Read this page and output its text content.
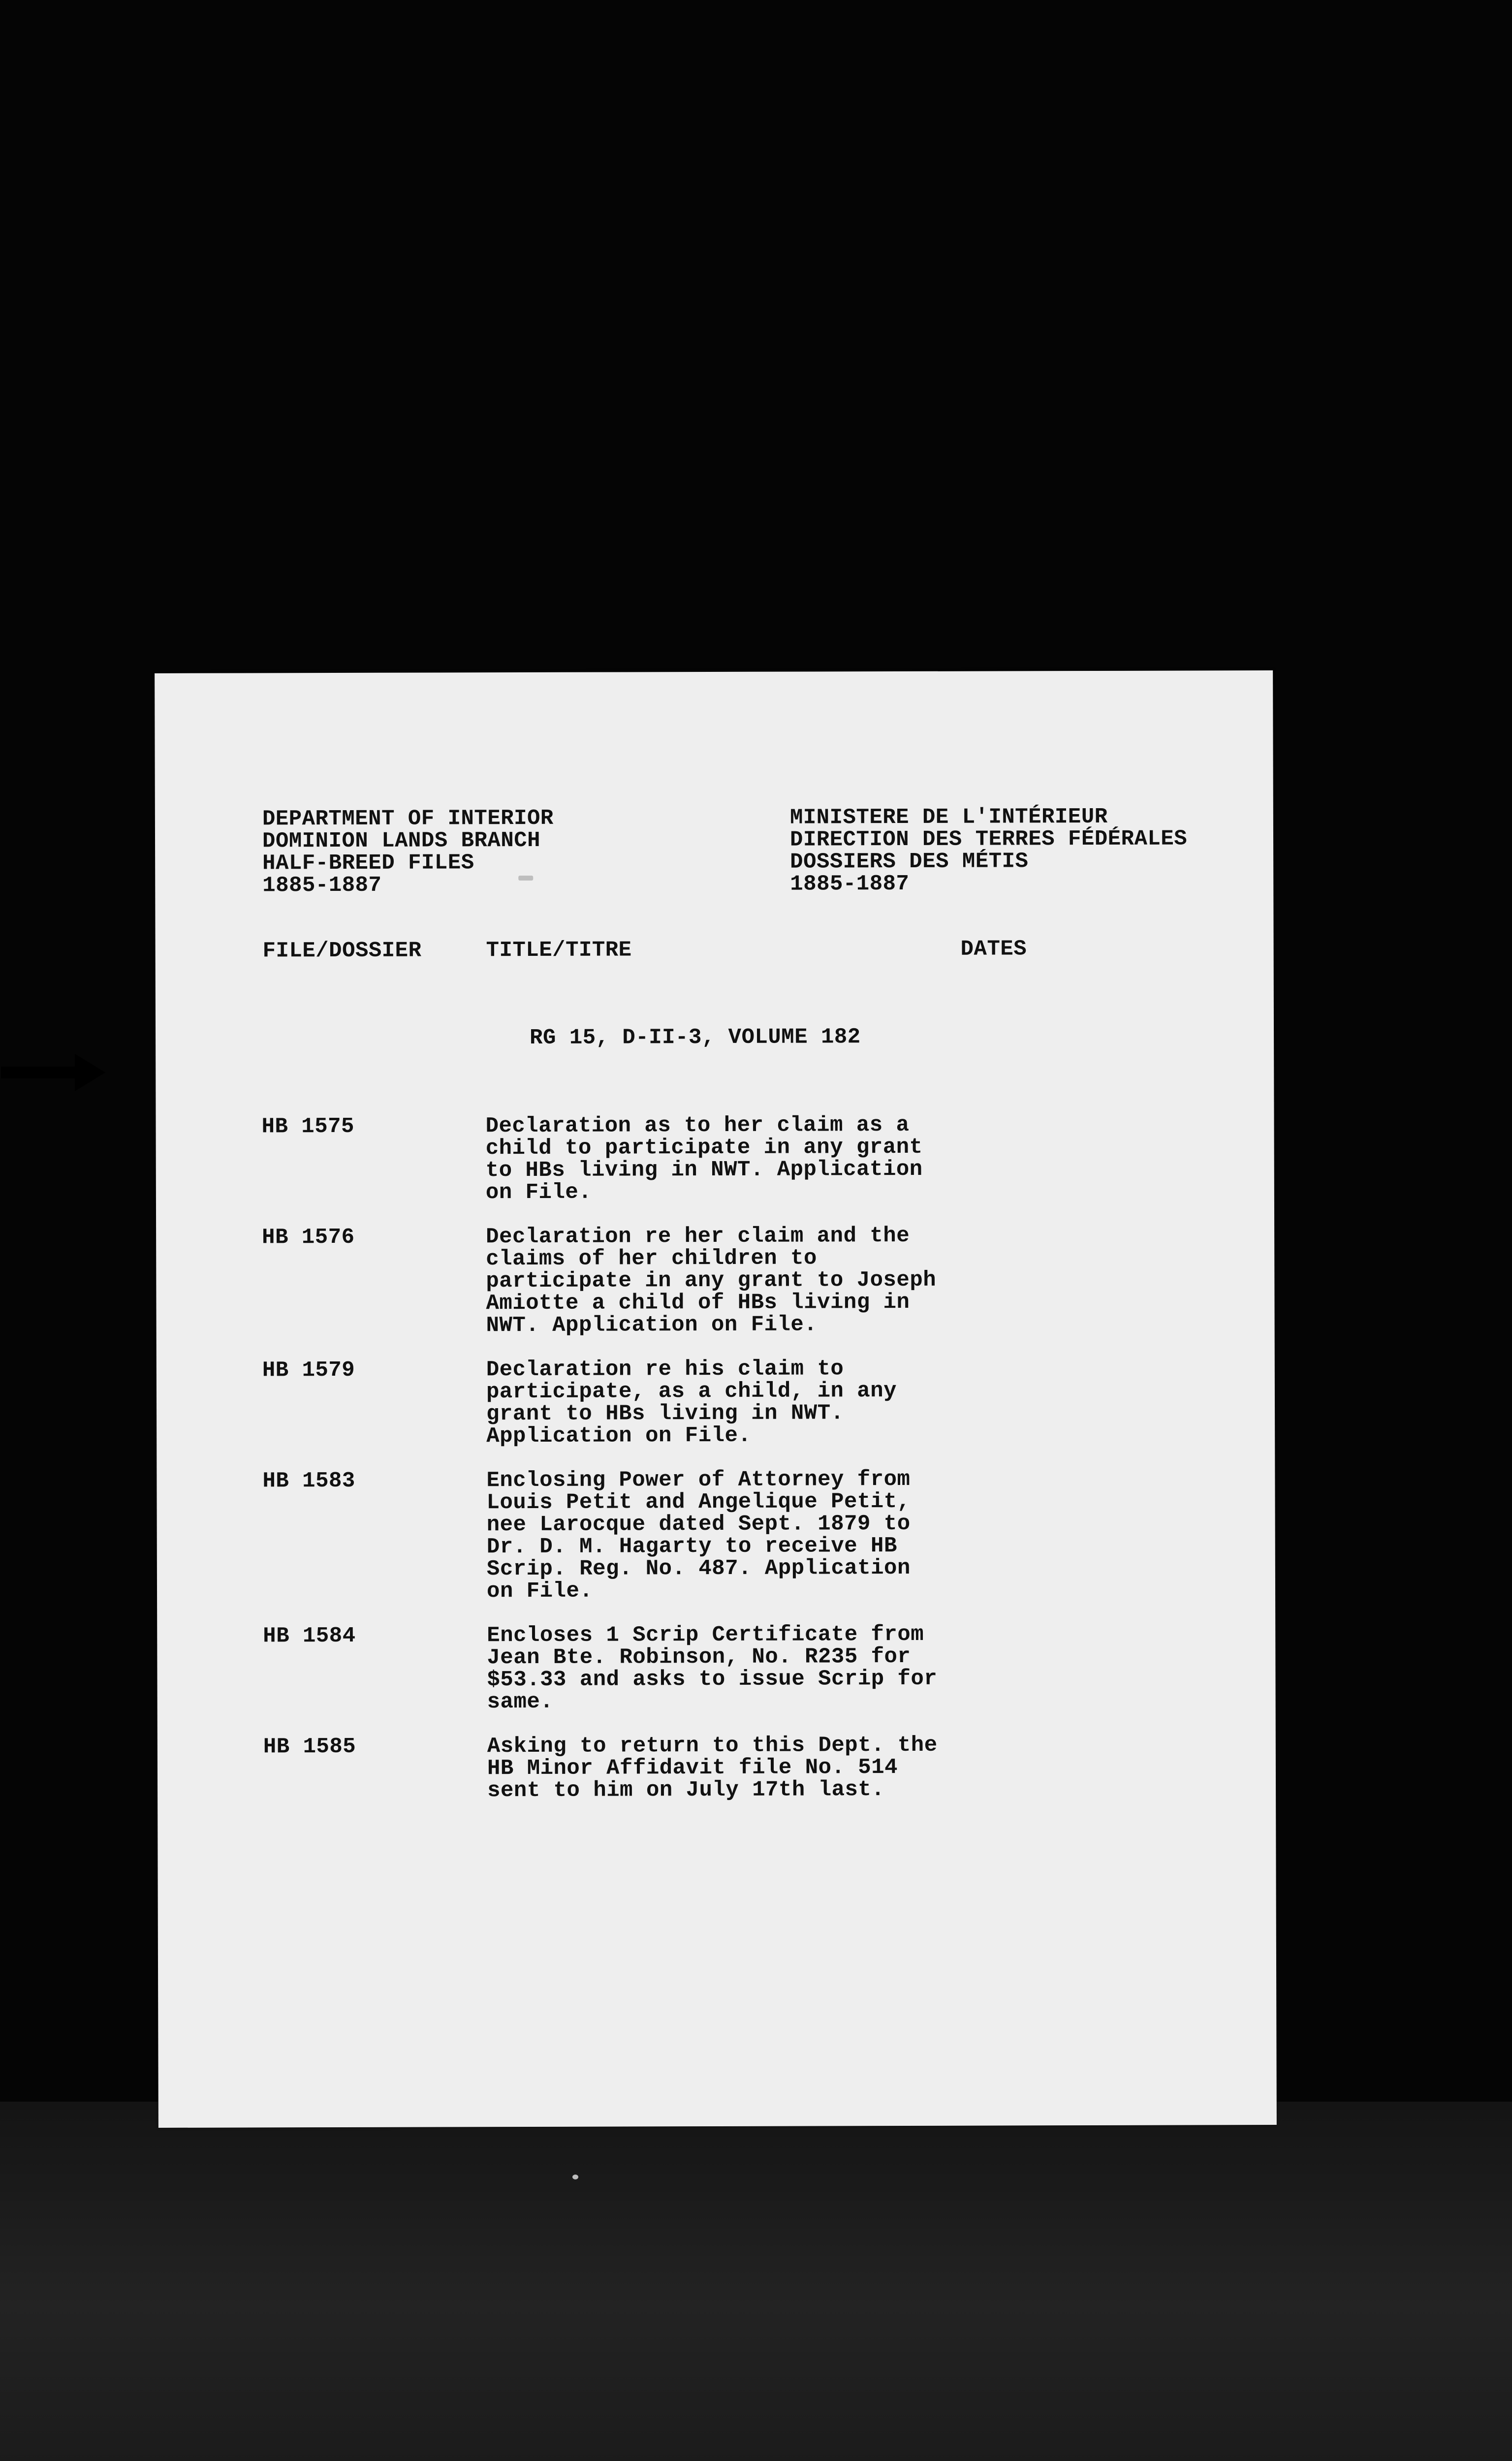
DEPARTMENT OF INTERIOR
DOMINION LANDS BRANCH
HALF-BREED FILES
1885-1887

MINISTERE DE L'INTÉRIEUR
DIRECTION DES TERRES FÉDÉRALES
DOSSIERS DES MÉTIS
1885-1887

FILE/DOSSIER	TITLE/TITRE	DATES

RG 15, D-II-3, VOLUME 182

HB 1575	Declaration as to her claim as a
child to participate in any grant
to HBs living in NWT. Application
on File.

HB 1576	Declaration re her claim and the
claims of her children to
participate in any grant to Joseph
Amiotte a child of HBs living in
NWT. Application on File.

HB 1579	Declaration re his claim to
participate, as a child, in any
grant to HBs living in NWT.
Application on File.

HB 1583	Enclosing Power of Attorney from
Louis Petit and Angelique Petit,
nee Larocque dated Sept. 1879 to
Dr. D. M. Hagarty to receive HB
Scrip. Reg. No. 487. Application
on File.

HB 1584	Encloses 1 Scrip Certificate from
Jean Bte. Robinson, No. R235 for
$53.33 and asks to issue Scrip for
same.

HB 1585	Asking to return to this Dept. the
HB Minor Affidavit file No. 514
sent to him on July 17th last.
